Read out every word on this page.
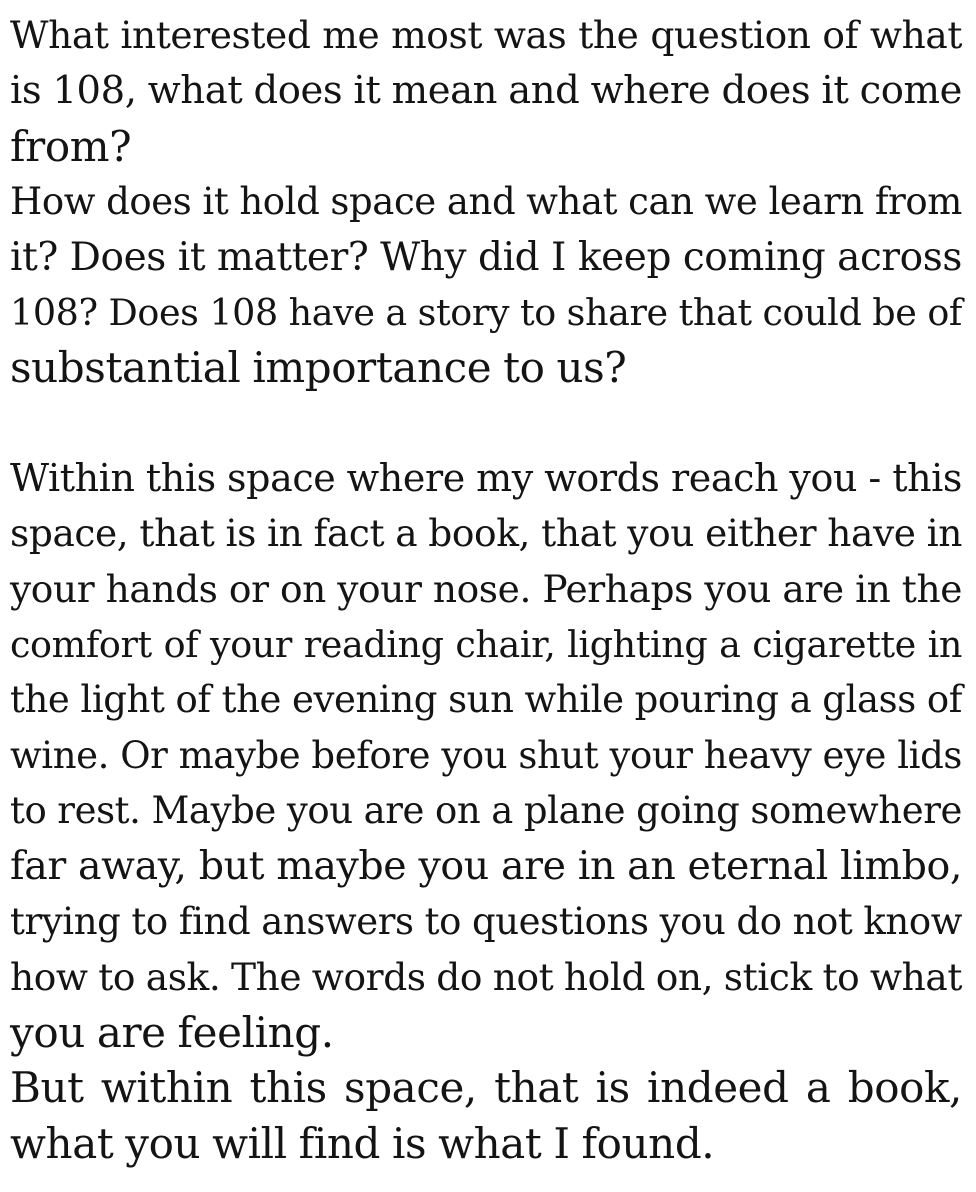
What interested me most was the question of what
is 108, what does it mean and where does it come
from?
How does it hold space and what can we learn from
it? Does it matter? Why did I keep coming across
108? Does 108 have a story to share that could be of
substantial importance to us?
Within this space where my words reach you - this
space, that is in fact a book, that you either have in
your hands or on your nose. Perhaps you are in the
comfort of your reading chair, lighting a cigarette in
the light of the evening sun while pouring a glass of
wine. Or maybe before you shut your heavy eye lids
to rest. Maybe you are on a plane going somewhere
far away, but maybe you are in an eternal limbo,
trying to find answers to questions you do not know
how to ask. The words do not hold on, stick to what
you are feeling.
But within this space, that is indeed a book,
what you will find is what I found.
